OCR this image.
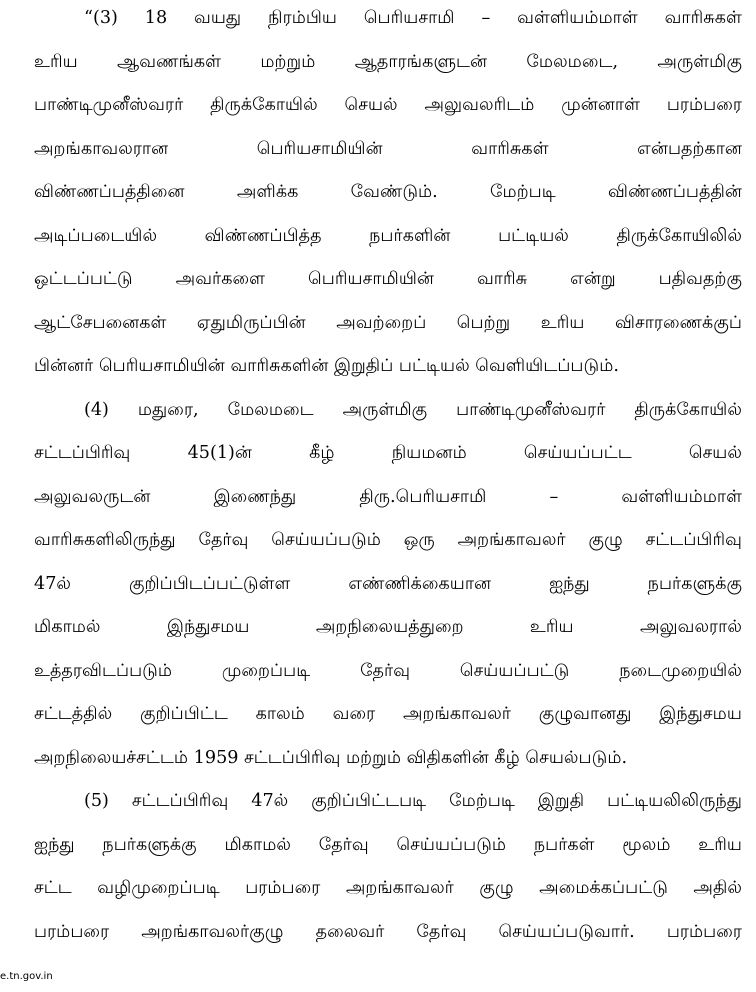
“(3) 18 வயது நிரம்பிய பெரியசாமி – வள்ளியம்மாள் வாரிசுகள்
உரிய ஆவணங்கள் மற்றும் ஆதாரங்களுடன் மேலமடை, அருள்மிகு
பாண்டிமுனீஸ்வரர் திருக்கோயில் செயல் அலுவலரிடம் முன்னாள் பரம்பரை
அறங்காவலரான	பெரியசாமியின்	வாரிசுகள்	என்பதற்கான
விண்ணப்பத்தினை	அளிக்க	வேண்டும்.	மேற்படி	விண்ணப்பத்தின்
அடிப்படையில்	விண்ணப்பித்த	நபர்களின்	பட்டியல்	திருக்கோயிலில்
ஒட்டப்பட்டு அவர்களை பெரியசாமியின் வாரிசு என்று பதிவதற்கு
ஆட்சேபனைகள் ஏதுமிருப்பின் அவற்றைப் பெற்று உரிய விசாரணைக்குப்
பின்னர் பெரியசாமியின் வாரிசுகளின் இறுதிப் பட்டியல் வெளியிடப்படும்.
(4) மதுரை, மேலமடை அருள்மிகு பாண்டிமுனீஸ்வரர் திருக்கோயில்
சட்டப்பிரிவு	45(1)ன்	கீழ்	நியமனம்	செய்யப்பட்ட	செயல்
அலுவலருடன்	இணைந்து	திரு.பெரியசாமி	–	வள்ளியம்மாள்
வாரிசுகளிலிருந்து தேர்வு செய்யப்படும் ஒரு அறங்காவலர் குழு சட்டப்பிரிவு
47ல்	குறிப்பிடப்பட்டுள்ள	எண்ணிக்கையான	ஐந்து	நபர்களுக்கு
மிகாமல்	இந்துசமய	அறநிலையத்துறை	உரிய	அலுவலரால்
உத்தரவிடப்படும்	முறைப்படி	தேர்வு	செய்யப்பட்டு	நடைமுறையில்
சட்டத்தில் குறிப்பிட்ட காலம் வரை அறங்காவலர் குழுவானது இந்துசமய
அறநிலையச்சட்டம் 1959 சட்டப்பிரிவு மற்றும் விதிகளின் கீழ் செயல்படும்.
(5) சட்டப்பிரிவு 47ல் குறிப்பிட்டபடி மேற்படி இறுதி பட்டியலிலிருந்து
ஐந்து நபர்களுக்கு மிகாமல் தேர்வு செய்யப்படும் நபர்கள் மூலம் உரிய
சட்ட வழிமுறைப்படி பரம்பரை அறங்காவலர் குழு அமைக்கப்பட்டு அதில்
பரம்பரை அறங்காவலர்குழு தலைவர் தேர்வு செய்யப்படுவார். பரம்பரை
e.tn.gov.in
